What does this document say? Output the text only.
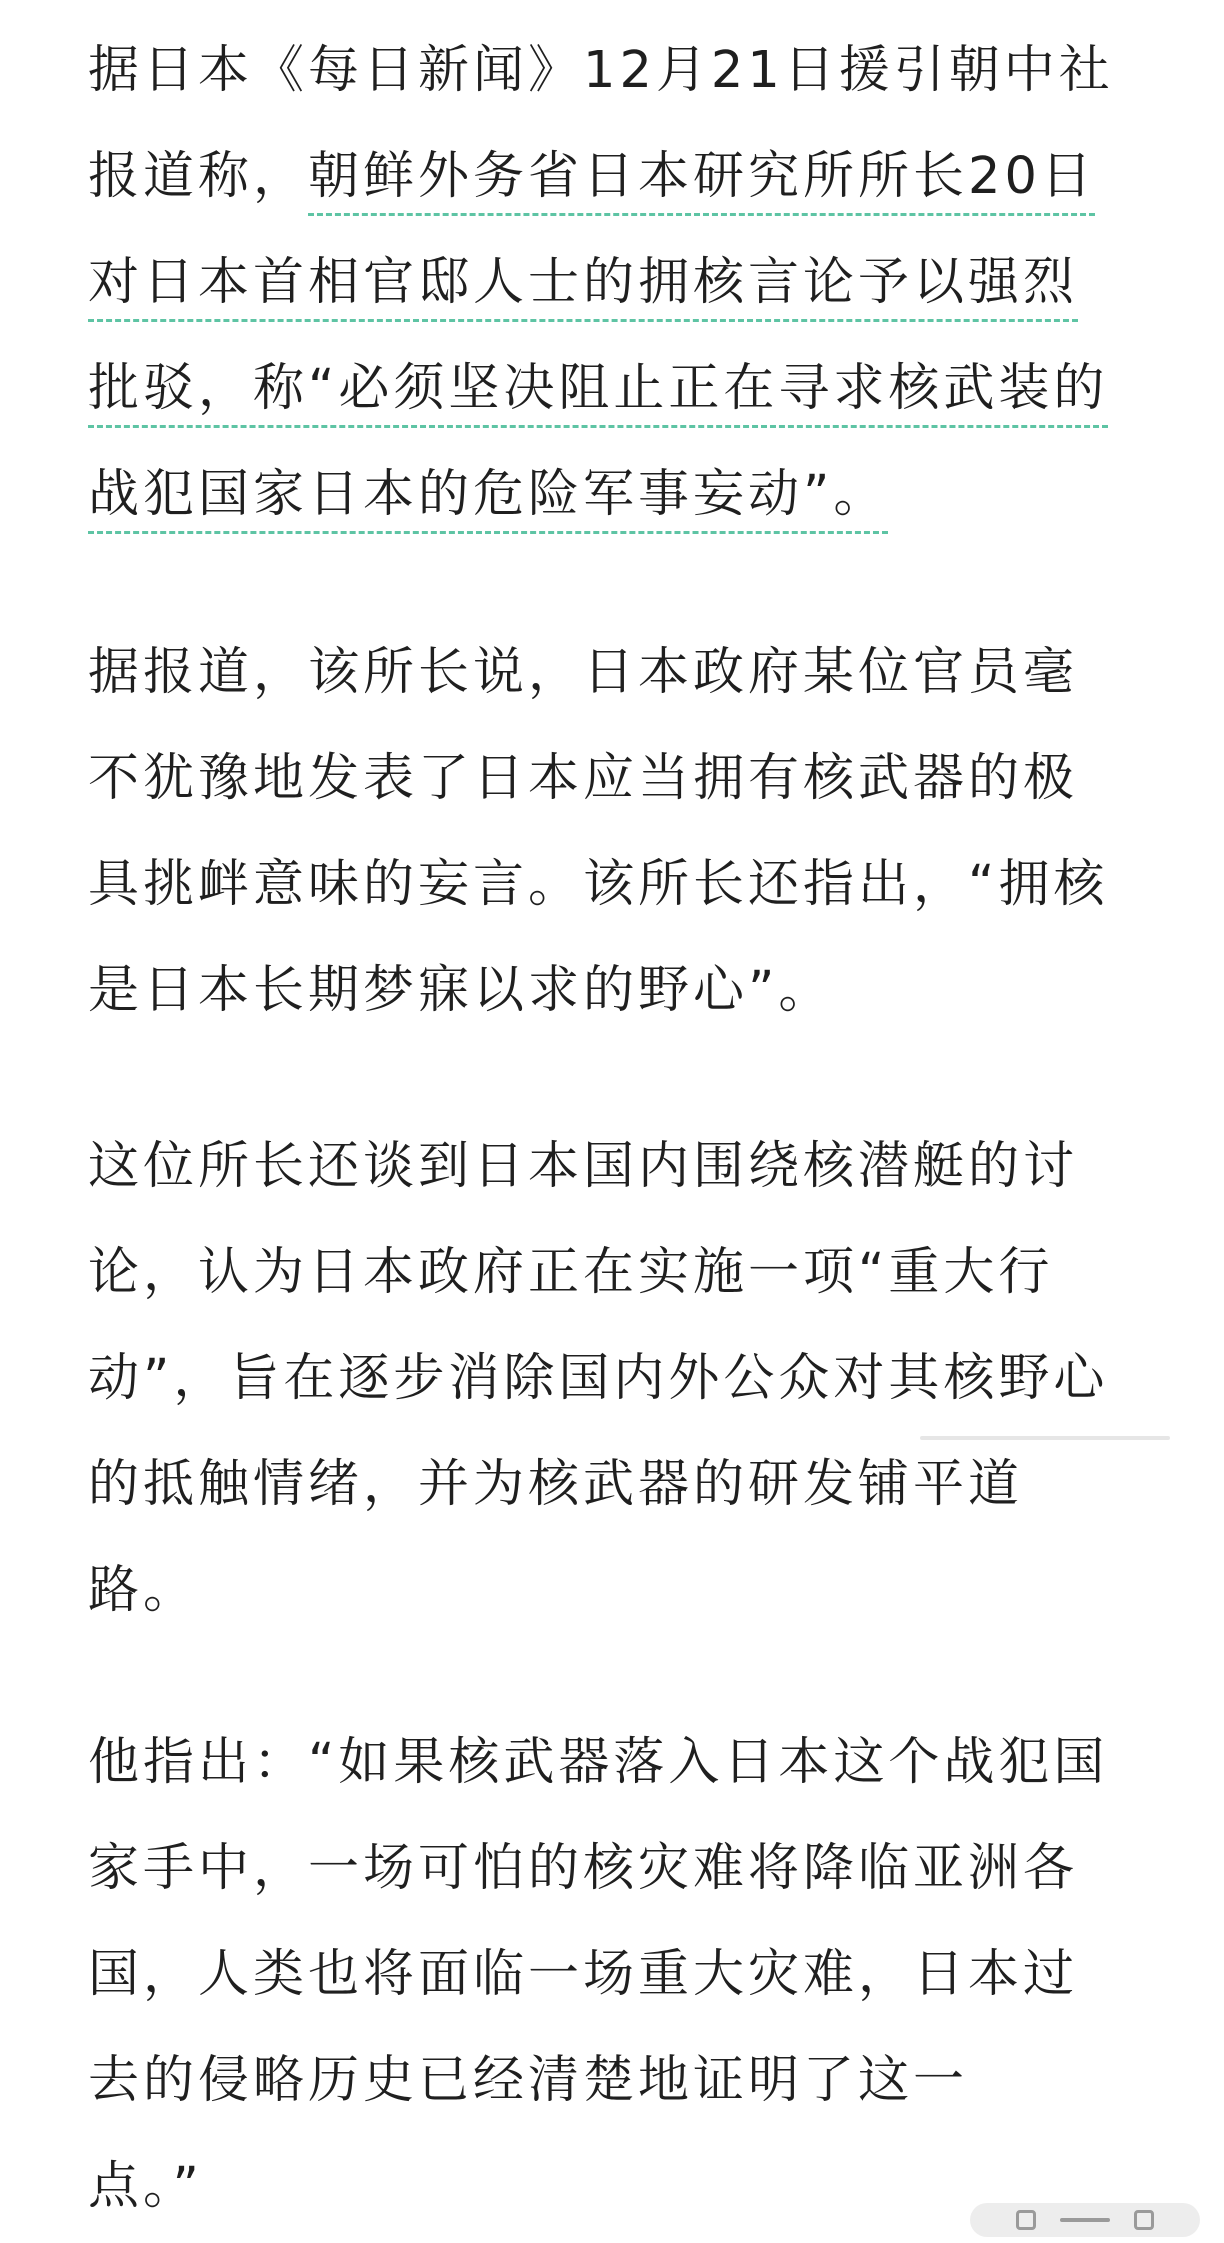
据日本《每日新闻》12月21日援引朝中社
报道称，朝鲜外务省日本研究所所长20日
对日本首相官邸人士的拥核言论予以强烈
批驳，称“必须坚决阻止正在寻求核武装的
战犯国家日本的危险军事妄动”。

据报道，该所长说，日本政府某位官员毫
不犹豫地发表了日本应当拥有核武器的极
具挑衅意味的妄言。该所长还指出，“拥核
是日本长期梦寐以求的野心”。

这位所长还谈到日本国内围绕核潜艇的讨
论，认为日本政府正在实施一项“重大行
动”，旨在逐步消除国内外公众对其核野心
的抵触情绪，并为核武器的研发铺平道
路。

他指出：“如果核武器落入日本这个战犯国
家手中，一场可怕的核灾难将降临亚洲各
国，人类也将面临一场重大灾难，日本过
去的侵略历史已经清楚地证明了这一
点。”
